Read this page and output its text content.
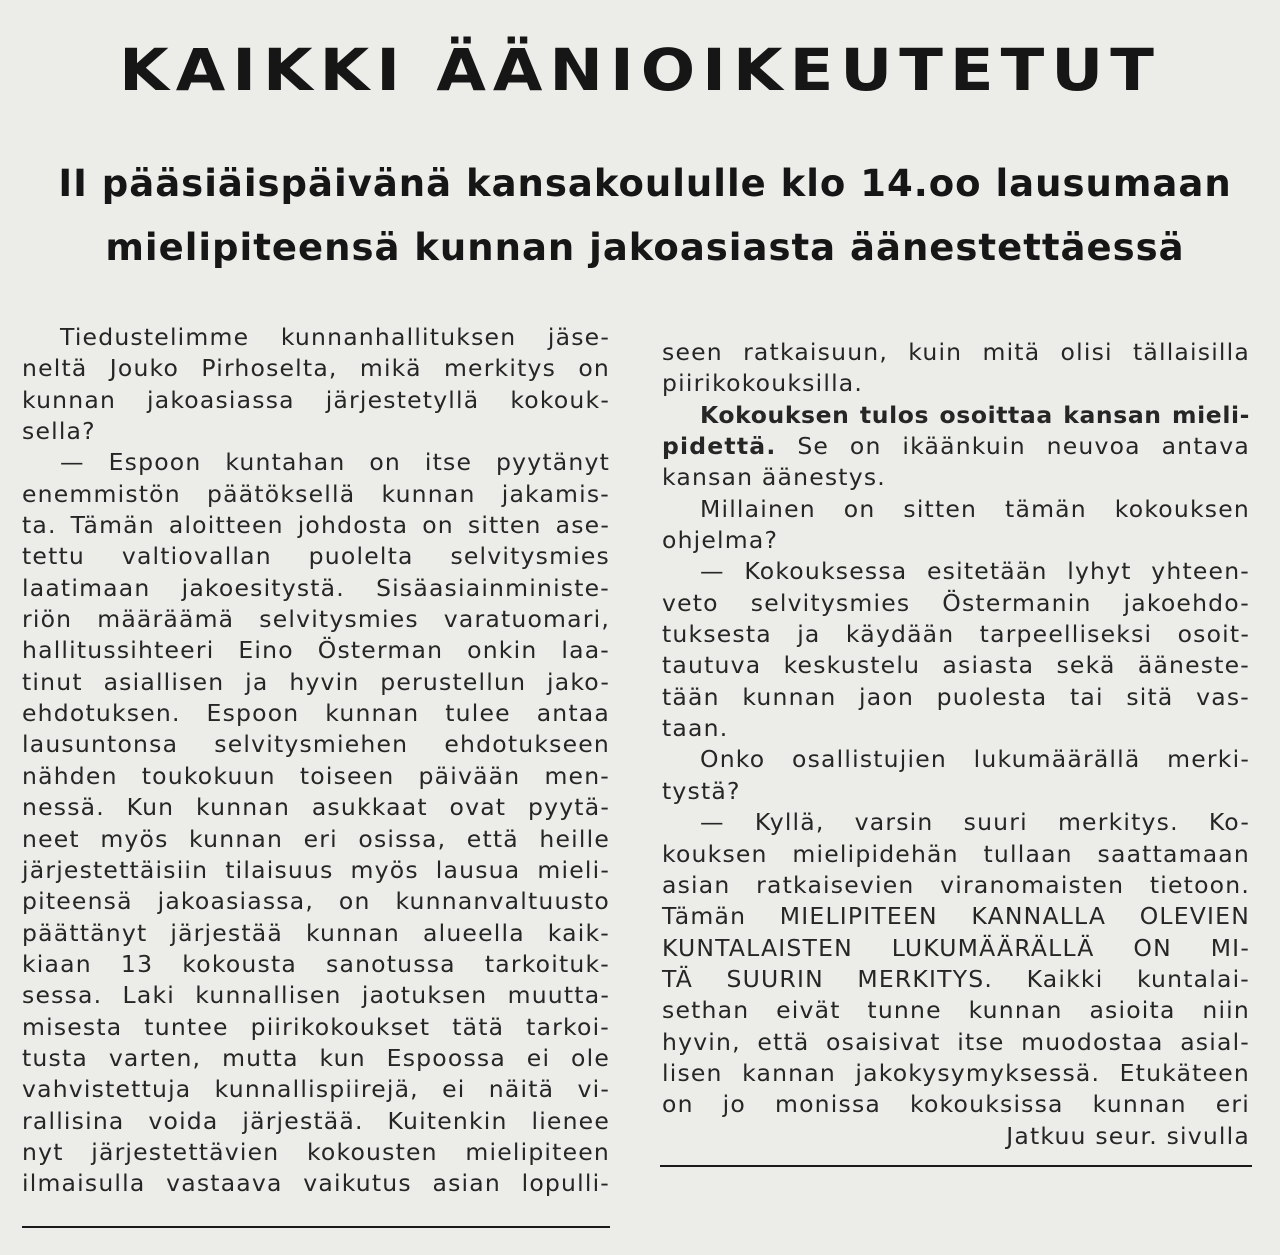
KAIKKI ÄÄNIOIKEUTETUT
II pääsiäispäivänä kansakoululle klo 14.oo lausumaan
mielipiteensä kunnan jakoasiasta äänestettäessä
Tiedustelimme kunnanhallituksen jäse-
neltä Jouko Pirhoselta, mikä merkitys on
kunnan jakoasiassa järjestetyllä kokouk-
sella?
— Espoon kuntahan on itse pyytänyt
enemmistön päätöksellä kunnan jakamis-
ta. Tämän aloitteen johdosta on sitten ase-
tettu valtiovallan puolelta selvitysmies
laatimaan jakoesitystä. Sisäasiainministe-
riön määräämä selvitysmies varatuomari,
hallitussihteeri Eino Österman onkin laa-
tinut asiallisen ja hyvin perustellun jako-
ehdotuksen. Espoon kunnan tulee antaa
lausuntonsa selvitysmiehen ehdotukseen
nähden toukokuun toiseen päivään men-
nessä. Kun kunnan asukkaat ovat pyytä-
neet myös kunnan eri osissa, että heille
järjestettäisiin tilaisuus myös lausua mieli-
piteensä jakoasiassa, on kunnanvaltuusto
päättänyt järjestää kunnan alueella kaik-
kiaan 13 kokousta sanotussa tarkoituk-
sessa. Laki kunnallisen jaotuksen muutta-
misesta tuntee piirikokoukset tätä tarkoi-
tusta varten, mutta kun Espoossa ei ole
vahvistettuja kunnallispiirejä, ei näitä vi-
rallisina voida järjestää. Kuitenkin lienee
nyt järjestettävien kokousten mielipiteen
ilmaisulla vastaava vaikutus asian lopulli-
seen ratkaisuun, kuin mitä olisi tällaisilla
piirikokouksilla.
Kokouksen tulos osoittaa kansan mieli-
pidettä. Se on ikäänkuin neuvoa antava
kansan äänestys.
Millainen on sitten tämän kokouksen
ohjelma?
— Kokouksessa esitetään lyhyt yhteen-
veto selvitysmies Östermanin jakoehdo-
tuksesta ja käydään tarpeelliseksi osoit-
tautuva keskustelu asiasta sekä ääneste-
tään kunnan jaon puolesta tai sitä vas-
taan.
Onko osallistujien lukumäärällä merki-
tystä?
— Kyllä, varsin suuri merkitys. Ko-
kouksen mielipidehän tullaan saattamaan
asian ratkaisevien viranomaisten tietoon.
Tämän MIELIPITEEN KANNALLA OLEVIEN
KUNTALAISTEN LUKUMÄÄRÄLLÄ ON MI-
TÄ SUURIN MERKITYS. Kaikki kuntalai-
sethan eivät tunne kunnan asioita niin
hyvin, että osaisivat itse muodostaa asial-
lisen kannan jakokysymyksessä. Etukäteen
on jo monissa kokouksissa kunnan eri
Jatkuu seur. sivulla
